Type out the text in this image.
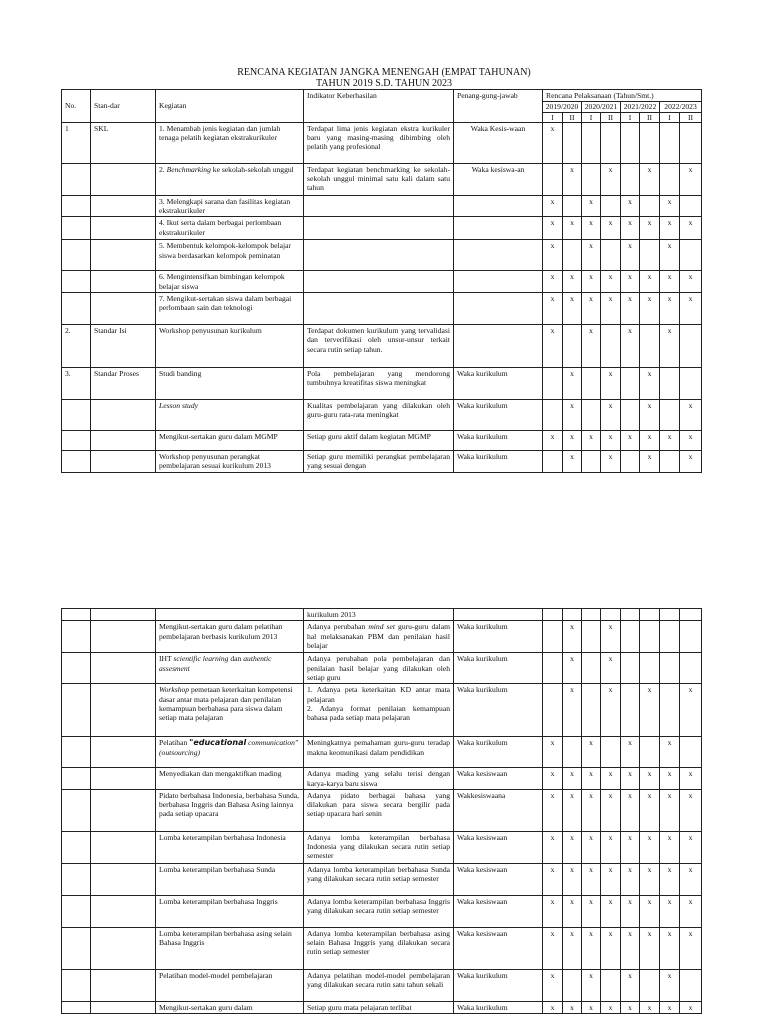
RENCANA KEGIATAN JANGKA MENENGAH (EMPAT TAHUNAN)
TAHUN 2019 S.D. TAHUN 2023
No.	Stan-dar	Kegiatan	Indikator Keberhasilan	Penang-gung-jawab	Rencana Pelaksanaan (Tahun/Smt.)							
					2019/2020		2020/2021		2021/2022		2022/2023	
					I	II	I	II	I	II	I	II
1	SKL	1. Menambah jenis kegiatan dan jumlah tenaga pelatih kegiatan ekstrakurikuler	Terdapat lima jenis kegiatan ekstra kurikuler baru yang masing-masing dibimbing oleh pelatih yang profesional	Waka Kesis-waan	x							
		2. Benchmarking ke sekolah-sekolah unggul	Terdapat kegiatan benchmarking ke sekolah-sekolah unggul minimal satu kali dalam satu tahun	Waka kesiswa-an		x		x		x		x
		3. Melengkapi sarana dan fasilitas kegiatan ekstrakurikuler			x		x		x		x	
		4. Ikut serta dalam berbagai perlombaan ekstrakurikuler			x	x	x	x	x	x	x	x
		5. Membentuk kelompok-kelompok belajar siswa berdasarkan kelompok peminatan			x		x		x		x	
		6. Mengintensifkan bimbingan kelompok belajar siswa			x	x	x	x	x	x	x	x
		7. Mengikut-sertakan siswa dalam berbagai perlombaan sain dan teknologi			x	x	x	x	x	x	x	x
2.	Standar Isi	Workshop penyusunan kurikulum	Terdapat dokumen kurikulum yang tervalidasi dan terverifikasi oleh unsur-unsur terkait secara rutin setiap tahun.		x		x		x		x	
3.	Standar Proses	Studi banding	Pola pembelajaran yang mendorong tumbuhnya kreatifitas siswa meningkat	Waka kurikulum		x		x		x		
		Lesson study	Kualitas pembelajaran yang dilakukan oleh guru-guru rata-rata meningkat	Waka kurikulum		x		x		x		x
		Mengikut-sertakan guru dalam MGMP	Setiap guru aktif dalam kegiatan MGMP	Waka kurikulum	x	x	x	x	x	x	x	x
		Workshop penyusunan perangkat pembelajaran sesuai kurikulum 2013	Setiap guru memiliki perangkat pembelajaran yang sesuai dengan	Waka kurikulum		x		x		x		x
			kurikulum 2013									
		Mengikut-sertakan guru dalam pelatihan pembelajaran berbasis kurikulum 2013	Adanya perubahan mind set guru-guru dalam hal melaksanakan PBM dan penilaian hasil belajar	Waka kurikulum		x		x				
		IHT scientific learning dan authentic assesment	Adanya perubahan pola pembelajaran dan penilaian hasil belajar yang dilakukan oleh setiap guru	Waka kurikulum		x		x				
		Workshop pemetaan keterkaitan kompetensi dasar antar mata pelajaran dan penilaian kemampuan berbahasa para siswa dalam setiap mata pelajaran	1. Adanya peta keterkaitan KD antar mata pelajaran
2. Adanya format penilaian kemampuan bahasa pada setiap mata pelajaran	Waka kurikulum		x		x		x		x
		Pelatihan "educational communication"(outsourcing)	Meningkatnya pemahaman guru-guru teradap makna keomunikasi dalam pendidikan	Waka kurikulum	x		x		x		x	
		Menyediakan dan mengaktifkan mading	Adanya mading yang selalu terisi dengan karya-karya baru siswa	Waka kesiswaan	x	x	x	x	x	x	x	x
		Pidato berbahasa Indonesia, berbahasa Sunda, berbahasa Inggris dan Bahasa Asing lainnya pada setiap upacara	Adanya pidato berbagai bahasa yang dilakukan para siswa secara bergilir pada setiap upacara hari senin	Wakkesiswaana	x	x	x	x	x	x	x	x
		Lomba keterampilan berbahasa Indonesia	Adanya lomba keterampilan berbahasa Indonesia yang dilakukan secara rutin setiap semester	Waka kesiswaan	x	x	x	x	x	x	x	x
		Lomba keterampilan berbahasa Sunda	Adanya lomba keterampilan berbahasa Sunda yang dilakukan secara rutin setiap semester	Waka kesiswaan	x	x	x	x	x	x	x	x
		Lomba keterampilan berbahasa Inggris	Adanya lomba keterampilan berbahasa Inggris yang dilakukan secara rutin setiap semester	Waka kesiswaan	x	x	x	x	x	x	x	x
		Lomba keterampilan berbahasa asing selain Bahasa Inggris	Adanya lomba keterampilan berbahasa asing selain Bahasa Inggris yang dilakukan secara rutin setiap semester	Waka kesiswaan	x	x	x	x	x	x	x	x
		Pelatihan model-model pembelajaran	Adanya pelatihan model-model pembelajaran yang dilakukan secara rutin satu tahun sekali	Waka kurikulum	x		x		x		x	
		Mengikut-sertakan guru dalam	Setiap guru mata pelajaran terlibat	Waka kurikulum	x	x	x	x	x	x	x	x
